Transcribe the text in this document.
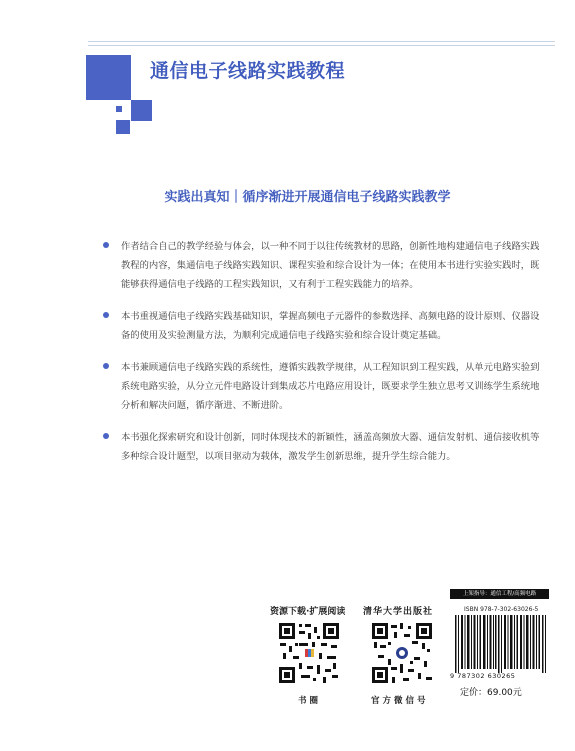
通信电子线路实践教程
实践出真知｜循序渐进开展通信电子线路实践教学
作者结合自己的教学经验与体会，以一种不同于以往传统教材的思路，创新性地构建通信电子线路实践教程的内容，集通信电子线路实践知识、课程实验和综合设计为一体；在使用本书进行实验实践时，既能够获得通信电子线路的工程实践知识，又有利于工程实践能力的培养。
本书重视通信电子线路实践基础知识，掌握高频电子元器件的参数选择、高频电路的设计原则、仪器设备的使用及实验测量方法，为顺利完成通信电子线路实验和综合设计奠定基础。
本书兼顾通信电子线路实践的系统性，遵循实践教学规律，从工程知识到工程实践，从单元电路实验到系统电路实验，从分立元件电路设计到集成芯片电路应用设计，既要求学生独立思考又训练学生系统地分析和解决问题，循序渐进、不断进阶。
本书强化探索研究和设计创新，同时体现技术的新颖性，涵盖高频放大器、通信发射机、通信接收机等多种综合设计题型，以项目驱动为载体，激发学生创新思维，提升学生综合能力。
资源下载·扩展阅读 清华大学出版社
书圈	官方微信号
上架指导：通信工程/高频电路
ISBN 978-7-302-63026-5
9 787302 630265
定价：69.00元
